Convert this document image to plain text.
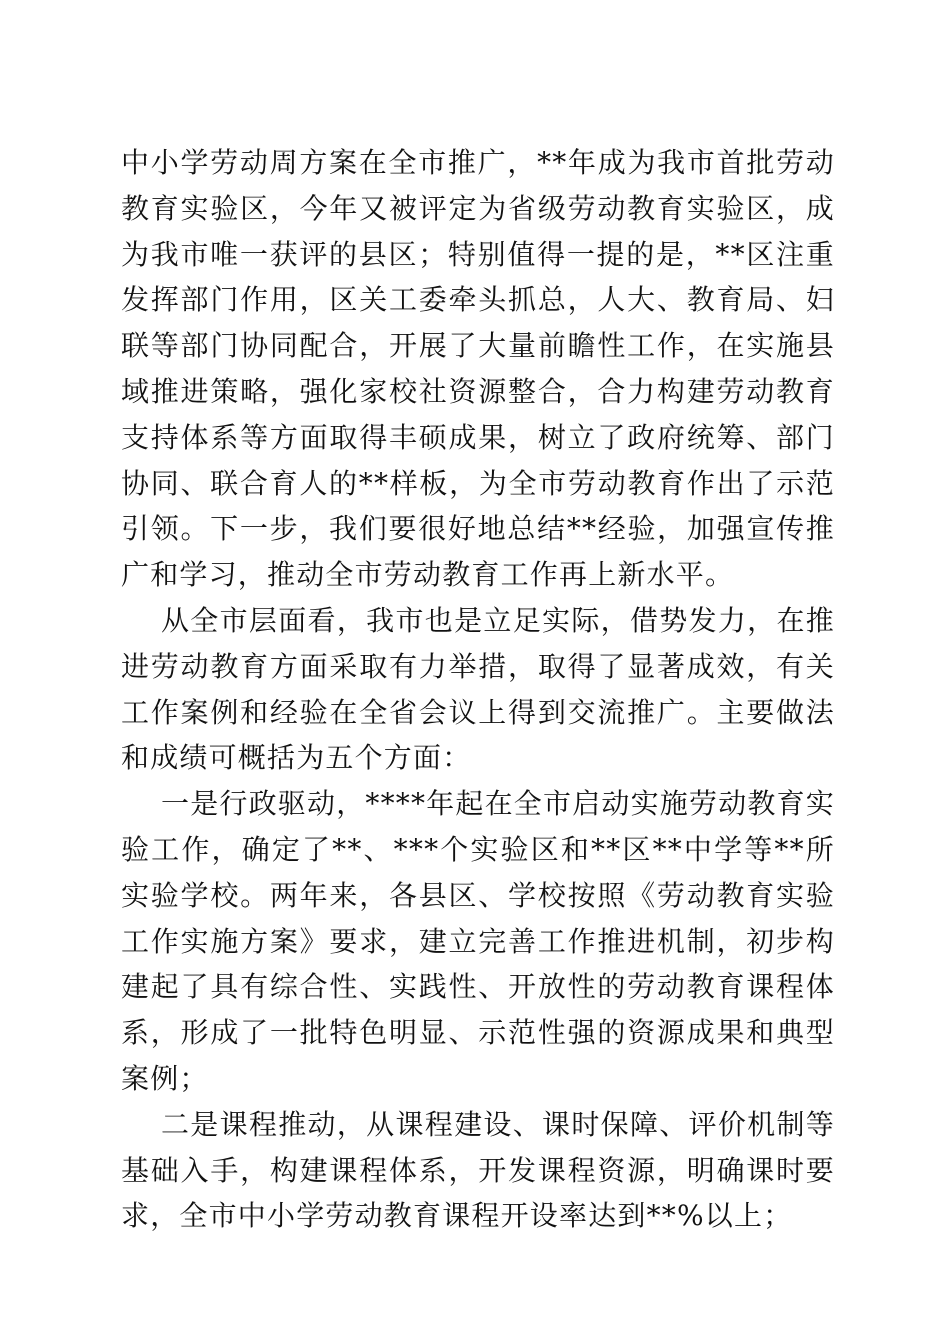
中小学劳动周方案在全市推广，**年成为我市首批劳动教育实验区，今年又被评定为省级劳动教育实验区，成为我市唯一获评的县区；特别值得一提的是，**区注重发挥部门作用，区关工委牵头抓总，人大、教育局、妇联等部门协同配合，开展了大量前瞻性工作，在实施县域推进策略，强化家校社资源整合，合力构建劳动教育支持体系等方面取得丰硕成果，树立了政府统筹、部门协同、联合育人的**样板，为全市劳动教育作出了示范引领。下一步，我们要很好地总结**经验，加强宣传推广和学习，推动全市劳动教育工作再上新水平。

从全市层面看，我市也是立足实际，借势发力，在推进劳动教育方面采取有力举措，取得了显著成效，有关工作案例和经验在全省会议上得到交流推广。主要做法和成绩可概括为五个方面：

一是行政驱动，****年起在全市启动实施劳动教育实验工作，确定了**、***个实验区和**区**中学等**所实验学校。两年来，各县区、学校按照《劳动教育实验工作实施方案》要求，建立完善工作推进机制，初步构建起了具有综合性、实践性、开放性的劳动教育课程体系，形成了一批特色明显、示范性强的资源成果和典型案例；

二是课程推动，从课程建设、课时保障、评价机制等基础入手，构建课程体系，开发课程资源，明确课时要求，全市中小学劳动教育课程开设率达到**%以上；
